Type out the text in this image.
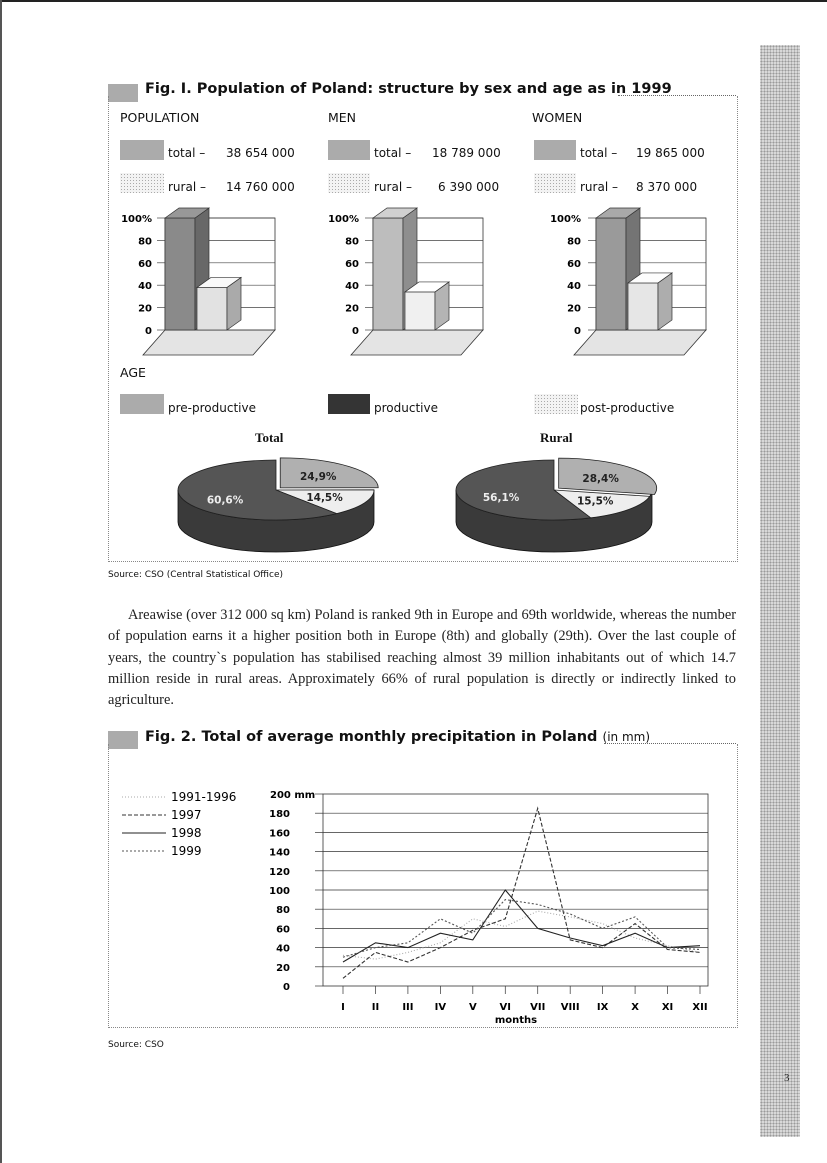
3
Fig. I. Population of Poland: structure by sex and age as in 1999
POPULATION	MEN	WOMEN
total – 38 654 000
rural – 14 760 000
total – 18 789 000
rural – 6 390 000
total – 19 865 000
rural – 8 370 000
100%
80
60
40
20
0
100%
80
60
40
20
0
100%
80
60
40
20
0
AGE
pre-productive	productive	post-productive
Total	Rural
24,9%
14,5%
60,6%
28,4%
15,5%
56,1%
Source: CSO (Central Statistical Office)
Areawise (over 312 000 sq km) Poland is ranked 9th in Europe and 69th worldwide, whereas the number of population earns it a higher position both in Europe (8th) and globally (29th). Over the last couple of years, the country`s population has stabilised reaching almost 39 million inhabitants out of which 14.7 million reside in rural areas. Approximately 66% of rural population is directly or indirectly linked to agriculture.
Fig. 2. Total of average monthly precipitation in Poland (in mm)
1991-1996
1997
1998
1999
200 mm
180
160
140
120
100
80
60
40
20
0
I	II III IV V VI VII VIII IX X XI XII
months
Source: CSO
